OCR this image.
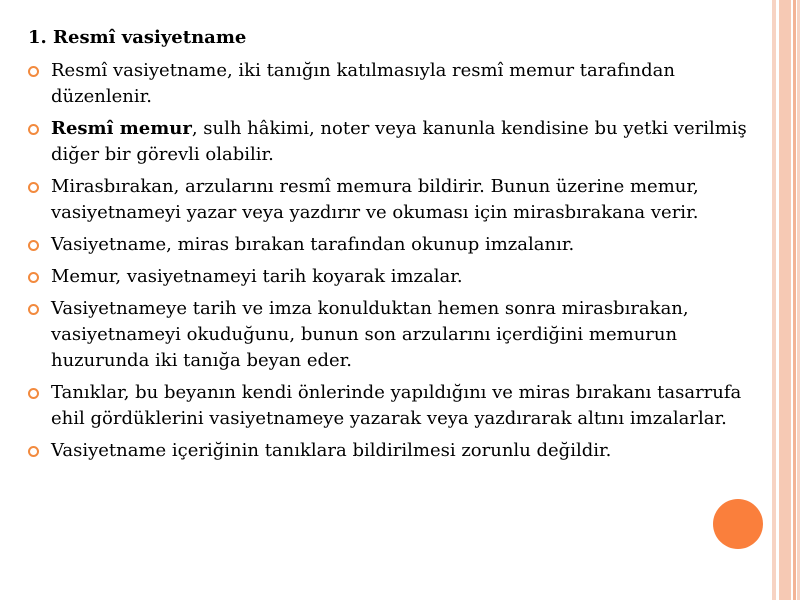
1. Resmî vasiyetname
Resmî vasiyetname, iki tanığın katılmasıyla resmî memur tarafından düzenlenir.
Resmî memur, sulh hâkimi, noter veya kanunla kendisine bu yetki verilmiş diğer bir görevli olabilir.
Mirasbırakan, arzularını resmî memura bildirir. Bunun üzerine memur, vasiyetnameyi yazar veya yazdırır ve okuması için mirasbırakana verir.
Vasiyetname, miras bırakan tarafından okunup imzalanır.
Memur, vasiyetnameyi tarih koyarak imzalar.
Vasiyetnameye tarih ve imza konulduktan hemen sonra mirasbırakan, vasiyetnameyi okuduğunu, bunun son arzularını içerdiğini memurun huzurunda iki tanığa beyan eder.
Tanıklar, bu beyanın kendi önlerinde yapıldığını ve miras bırakanı tasarrufa ehil gördüklerini vasiyetnameye yazarak veya yazdırarak altını imzalarlar.
Vasiyetname içeriğinin tanıklara bildirilmesi zorunlu değildir.
